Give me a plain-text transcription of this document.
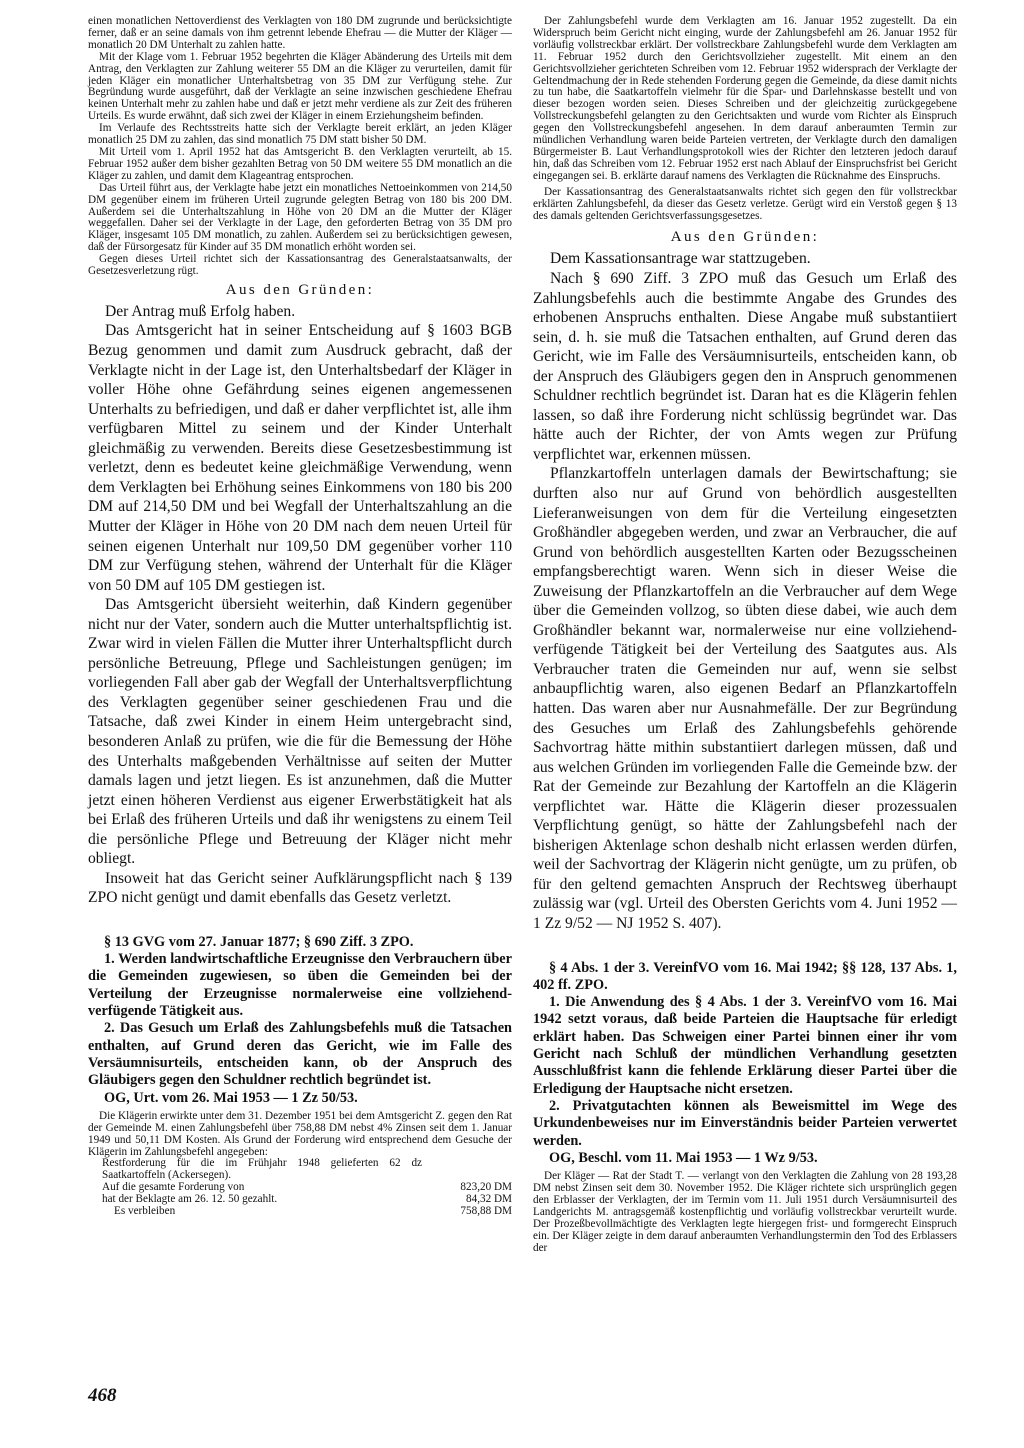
einen monatlichen Nettoverdienst des Verklagten von 180 DM zugrunde und berücksichtigte ferner, daß er an seine damals von ihm getrennt lebende Ehefrau — die Mutter der Kläger — monatlich 20 DM Unterhalt zu zahlen hatte.

Mit der Klage vom 1. Februar 1952 begehrten die Kläger Abänderung des Urteils mit dem Antrag, den Verklagten zur Zahlung weiterer 55 DM an die Kläger zu verurteilen, damit für jeden Kläger ein monatlicher Unterhaltsbetrag von 35 DM zur Verfügung stehe. Zur Begründung wurde ausgeführt, daß der Verklagte an seine inzwischen geschiedene Ehefrau keinen Unterhalt mehr zu zahlen habe und daß er jetzt mehr verdiene als zur Zeit des früheren Urteils. Es wurde erwähnt, daß sich zwei der Kläger in einem Erziehungsheim befinden.

Im Verlaufe des Rechtsstreits hatte sich der Verklagte bereit erklärt, an jeden Kläger monatlich 25 DM zu zahlen, das sind monatlich 75 DM statt bisher 50 DM.

Mit Urteil vom 1. April 1952 hat das Amtsgericht B. den Verklagten verurteilt, ab 15. Februar 1952 außer dem bisher gezahlten Betrag von 50 DM weitere 55 DM monatlich an die Kläger zu zahlen, und damit dem Klageantrag entsprochen.

Das Urteil führt aus, der Verklagte habe jetzt ein monatliches Nettoeinkommen von 214,50 DM gegenüber einem im früheren Urteil zugrunde gelegten Betrag von 180 bis 200 DM. Außerdem sei die Unterhaltszahlung in Höhe von 20 DM an die Mutter der Kläger weggefallen. Daher sei der Verklagte in der Lage, den geforderten Betrag von 35 DM pro Kläger, insgesamt 105 DM monatlich, zu zahlen. Außerdem sei zu berücksichtigen gewesen, daß der Fürsorgesatz für Kinder auf 35 DM monatlich erhöht worden sei.

Gegen dieses Urteil richtet sich der Kassationsantrag des Generalstaatsanwalts, der Gesetzesverletzung rügt.

Aus den Gründen:

Der Antrag muß Erfolg haben.

Das Amtsgericht hat in seiner Entscheidung auf § 1603 BGB Bezug genommen und damit zum Ausdruck gebracht, daß der Verklagte nicht in der Lage ist, den Unterhaltsbedarf der Kläger in voller Höhe ohne Gefährdung seines eigenen angemessenen Unterhalts zu befriedigen, und daß er daher verpflichtet ist, alle ihm verfügbaren Mittel zu seinem und der Kinder Unterhalt gleichmäßig zu verwenden. Bereits diese Gesetzesbestimmung ist verletzt, denn es bedeutet keine gleichmäßige Verwendung, wenn dem Verklagten bei Erhöhung seines Einkommens von 180 bis 200 DM auf 214,50 DM und bei Wegfall der Unterhaltszahlung an die Mutter der Kläger in Höhe von 20 DM nach dem neuen Urteil für seinen eigenen Unterhalt nur 109,50 DM gegenüber vorher 110 DM zur Verfügung stehen, während der Unterhalt für die Kläger von 50 DM auf 105 DM gestiegen ist.

Das Amtsgericht übersieht weiterhin, daß Kindern gegenüber nicht nur der Vater, sondern auch die Mutter unterhaltspflichtig ist. Zwar wird in vielen Fällen die Mutter ihrer Unterhaltspflicht durch persönliche Betreuung, Pflege und Sachleistungen genügen; im vorliegenden Fall aber gab der Wegfall der Unterhaltsverpflichtung des Verklagten gegenüber seiner geschiedenen Frau und die Tatsache, daß zwei Kinder in einem Heim untergebracht sind, besonderen Anlaß zu prüfen, wie die für die Bemessung der Höhe des Unterhalts maßgebenden Verhältnisse auf seiten der Mutter damals lagen und jetzt liegen. Es ist anzunehmen, daß die Mutter jetzt einen höheren Verdienst aus eigener Erwerbstätigkeit hat als bei Erlaß des früheren Urteils und daß ihr wenigstens zu einem Teil die persönliche Pflege und Betreuung der Kläger nicht mehr obliegt.

Insoweit hat das Gericht seiner Aufklärungspflicht nach § 139 ZPO nicht genügt und damit ebenfalls das Gesetz verletzt.

§ 13 GVG vom 27. Januar 1877; § 690 Ziff. 3 ZPO.

1. Werden landwirtschaftliche Erzeugnisse den Verbrauchern über die Gemeinden zugewiesen, so üben die Gemeinden bei der Verteilung der Erzeugnisse normalerweise eine vollziehend-verfügende Tätigkeit aus.

2. Das Gesuch um Erlaß des Zahlungsbefehls muß die Tatsachen enthalten, auf Grund deren das Gericht, wie im Falle des Versäumnisurteils, entscheiden kann, ob der Anspruch des Gläubigers gegen den Schuldner rechtlich begründet ist.

OG, Urt. vom 26. Mai 1953 — 1 Zz 50/53.

Die Klägerin erwirkte unter dem 31. Dezember 1951 bei dem Amtsgericht Z. gegen den Rat der Gemeinde M. einen Zahlungsbefehl über 758,88 DM nebst 4% Zinsen seit dem 1. Januar 1949 und 50,11 DM Kosten. Als Grund der Forderung wird entsprechend dem Gesuche der Klägerin im Zahlungsbefehl angegeben:

Restforderung für die im Frühjahr 1948 gelieferten 62 dz Saatkartoffeln (Ackersegen).	
Auf die gesamte Forderung von	823,20 DM
hat der Beklagte am 26. 12. 50 gezahlt.	84,32 DM
Es verbleiben	758,88 DM

Der Zahlungsbefehl wurde dem Verklagten am 16. Januar 1952 zugestellt. Da ein Widerspruch beim Gericht nicht einging, wurde der Zahlungsbefehl am 26. Januar 1952 für vorläufig vollstreckbar erklärt. Der vollstreckbare Zahlungsbefehl wurde dem Verklagten am 11. Februar 1952 durch den Gerichtsvollzieher zugestellt. Mit einem an den Gerichtsvollzieher gerichteten Schreiben vom 12. Februar 1952 widersprach der Verklagte der Geltendmachung der in Rede stehenden Forderung gegen die Gemeinde, da diese damit nichts zu tun habe, die Saatkartoffeln vielmehr für die Spar- und Darlehnskasse bestellt und von dieser bezogen worden seien. Dieses Schreiben und der gleichzeitig zurückgegebene Vollstreckungsbefehl gelangten zu den Gerichtsakten und wurde vom Richter als Einspruch gegen den Vollstreckungsbefehl angesehen. In dem darauf anberaumten Termin zur mündlichen Verhandlung waren beide Parteien vertreten, der Verklagte durch den damaligen Bürgermeister B. Laut Verhandlungsprotokoll wies der Richter den letzteren jedoch darauf hin, daß das Schreiben vom 12. Februar 1952 erst nach Ablauf der Einspruchsfrist bei Gericht eingegangen sei. B. erklärte darauf namens des Verklagten die Rücknahme des Einspruchs.

Der Kassationsantrag des Generalstaatsanwalts richtet sich gegen den für vollstreckbar erklärten Zahlungsbefehl, da dieser das Gesetz verletze. Gerügt wird ein Verstoß gegen § 13 des damals geltenden Gerichtsverfassungsgesetzes.

Aus den Gründen:

Dem Kassationsantrage war stattzugeben.

Nach § 690 Ziff. 3 ZPO muß das Gesuch um Erlaß des Zahlungsbefehls auch die bestimmte Angabe des Grundes des erhobenen Anspruchs enthalten. Diese Angabe muß substantiiert sein, d. h. sie muß die Tatsachen enthalten, auf Grund deren das Gericht, wie im Falle des Versäumnisurteils, entscheiden kann, ob der Anspruch des Gläubigers gegen den in Anspruch genommenen Schuldner rechtlich begründet ist. Daran hat es die Klägerin fehlen lassen, so daß ihre Forderung nicht schlüssig begründet war. Das hätte auch der Richter, der von Amts wegen zur Prüfung verpflichtet war, erkennen müssen.

Pflanzkartoffeln unterlagen damals der Bewirtschaftung; sie durften also nur auf Grund von behördlich ausgestellten Lieferanweisungen von dem für die Verteilung eingesetzten Großhändler abgegeben werden, und zwar an Verbraucher, die auf Grund von behördlich ausgestellten Karten oder Bezugsscheinen empfangsberechtigt waren. Wenn sich in dieser Weise die Zuweisung der Pflanzkartoffeln an die Verbraucher auf dem Wege über die Gemeinden vollzog, so übten diese dabei, wie auch dem Großhändler bekannt war, normalerweise nur eine vollziehend-verfügende Tätigkeit bei der Verteilung des Saatgutes aus. Als Verbraucher traten die Gemeinden nur auf, wenn sie selbst anbaupflichtig waren, also eigenen Bedarf an Pflanzkartoffeln hatten. Das waren aber nur Ausnahmefälle. Der zur Begründung des Gesuches um Erlaß des Zahlungsbefehls gehörende Sachvortrag hätte mithin substantiiert darlegen müssen, daß und aus welchen Gründen im vorliegenden Falle die Gemeinde bzw. der Rat der Gemeinde zur Bezahlung der Kartoffeln an die Klägerin verpflichtet war. Hätte die Klägerin dieser prozessualen Verpflichtung genügt, so hätte der Zahlungsbefehl nach der bisherigen Aktenlage schon deshalb nicht erlassen werden dürfen, weil der Sachvortrag der Klägerin nicht genügte, um zu prüfen, ob für den geltend gemachten Anspruch der Rechtsweg überhaupt zulässig war (vgl. Urteil des Obersten Gerichts vom 4. Juni 1952 — 1 Zz 9/52 — NJ 1952 S. 407).

§ 4 Abs. 1 der 3. VereinfVO vom 16. Mai 1942; §§ 128, 137 Abs. 1, 402 ff. ZPO.

1. Die Anwendung des § 4 Abs. 1 der 3. VereinfVO vom 16. Mai 1942 setzt voraus, daß beide Parteien die Hauptsache für erledigt erklärt haben. Das Schweigen einer Partei binnen einer ihr vom Gericht nach Schluß der mündlichen Verhandlung gesetzten Ausschlußfrist kann die fehlende Erklärung dieser Partei über die Erledigung der Hauptsache nicht ersetzen.

2. Privatgutachten können als Beweismittel im Wege des Urkundenbeweises nur im Einverständnis beider Parteien verwertet werden.

OG, Beschl. vom 11. Mai 1953 — 1 Wz 9/53.

Der Kläger — Rat der Stadt T. — verlangt von den Verklagten die Zahlung von 28 193,28 DM nebst Zinsen seit dem 30. November 1952. Die Kläger richtete sich ursprünglich gegen den Erblasser der Verklagten, der im Termin vom 11. Juli 1951 durch Versäumnisurteil des Landgerichts M. antragsgemäß kostenpflichtig und vorläufig vollstreckbar verurteilt wurde. Der Prozeßbevollmächtigte des Verklagten legte hiergegen frist- und formgerecht Einspruch ein. Der Kläger zeigte in dem darauf anberaumten Verhandlungstermin den Tod des Erblassers der

468
